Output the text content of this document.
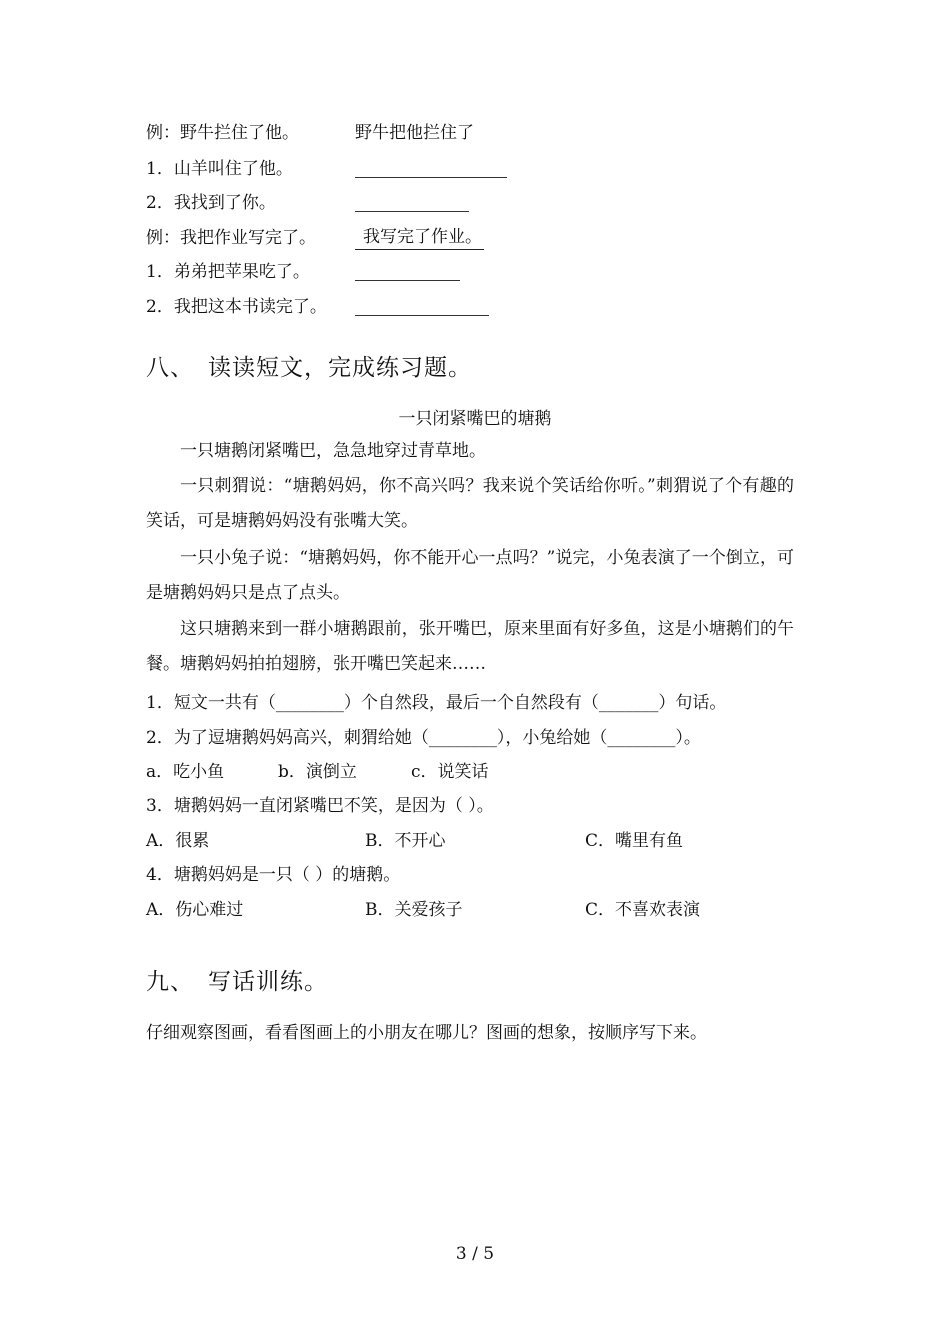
例：野牛拦住了他。	野牛把他拦住了
1．山羊叫住了他。
2．我找到了你。
例：我把作业写完了。	我写完了作业。
1．弟弟把苹果吃了。
2．我把这本书读完了。
八、 读读短文，完成练习题。
一只闭紧嘴巴的塘鹅
一只塘鹅闭紧嘴巴，急急地穿过青草地。
一只刺猬说：“塘鹅妈妈，你不高兴吗？我来说个笑话给你听。”刺猬说了个有趣的笑话，可是塘鹅妈妈没有张嘴大笑。
一只小兔子说：“塘鹅妈妈，你不能开心一点吗？”说完，小兔表演了一个倒立，可是塘鹅妈妈只是点了点头。
这只塘鹅来到一群小塘鹅跟前，张开嘴巴，原来里面有好多鱼，这是小塘鹅们的午餐。塘鹅妈妈拍拍翅膀，张开嘴巴笑起来……
1．短文一共有（________）个自然段，最后一个自然段有（_______）句话。
2．为了逗塘鹅妈妈高兴，刺猬给她（________），小兔给她（________）。
a．吃小鱼	b．演倒立	c．说笑话
3．塘鹅妈妈一直闭紧嘴巴不笑，是因为（ ）。
A．很累	B．不开心	C．嘴里有鱼
4．塘鹅妈妈是一只（ ）的塘鹅。
A．伤心难过	B．关爱孩子	C．不喜欢表演
九、 写话训练。
仔细观察图画，看看图画上的小朋友在哪儿？图画的想象，按顺序写下来。
3 / 5
